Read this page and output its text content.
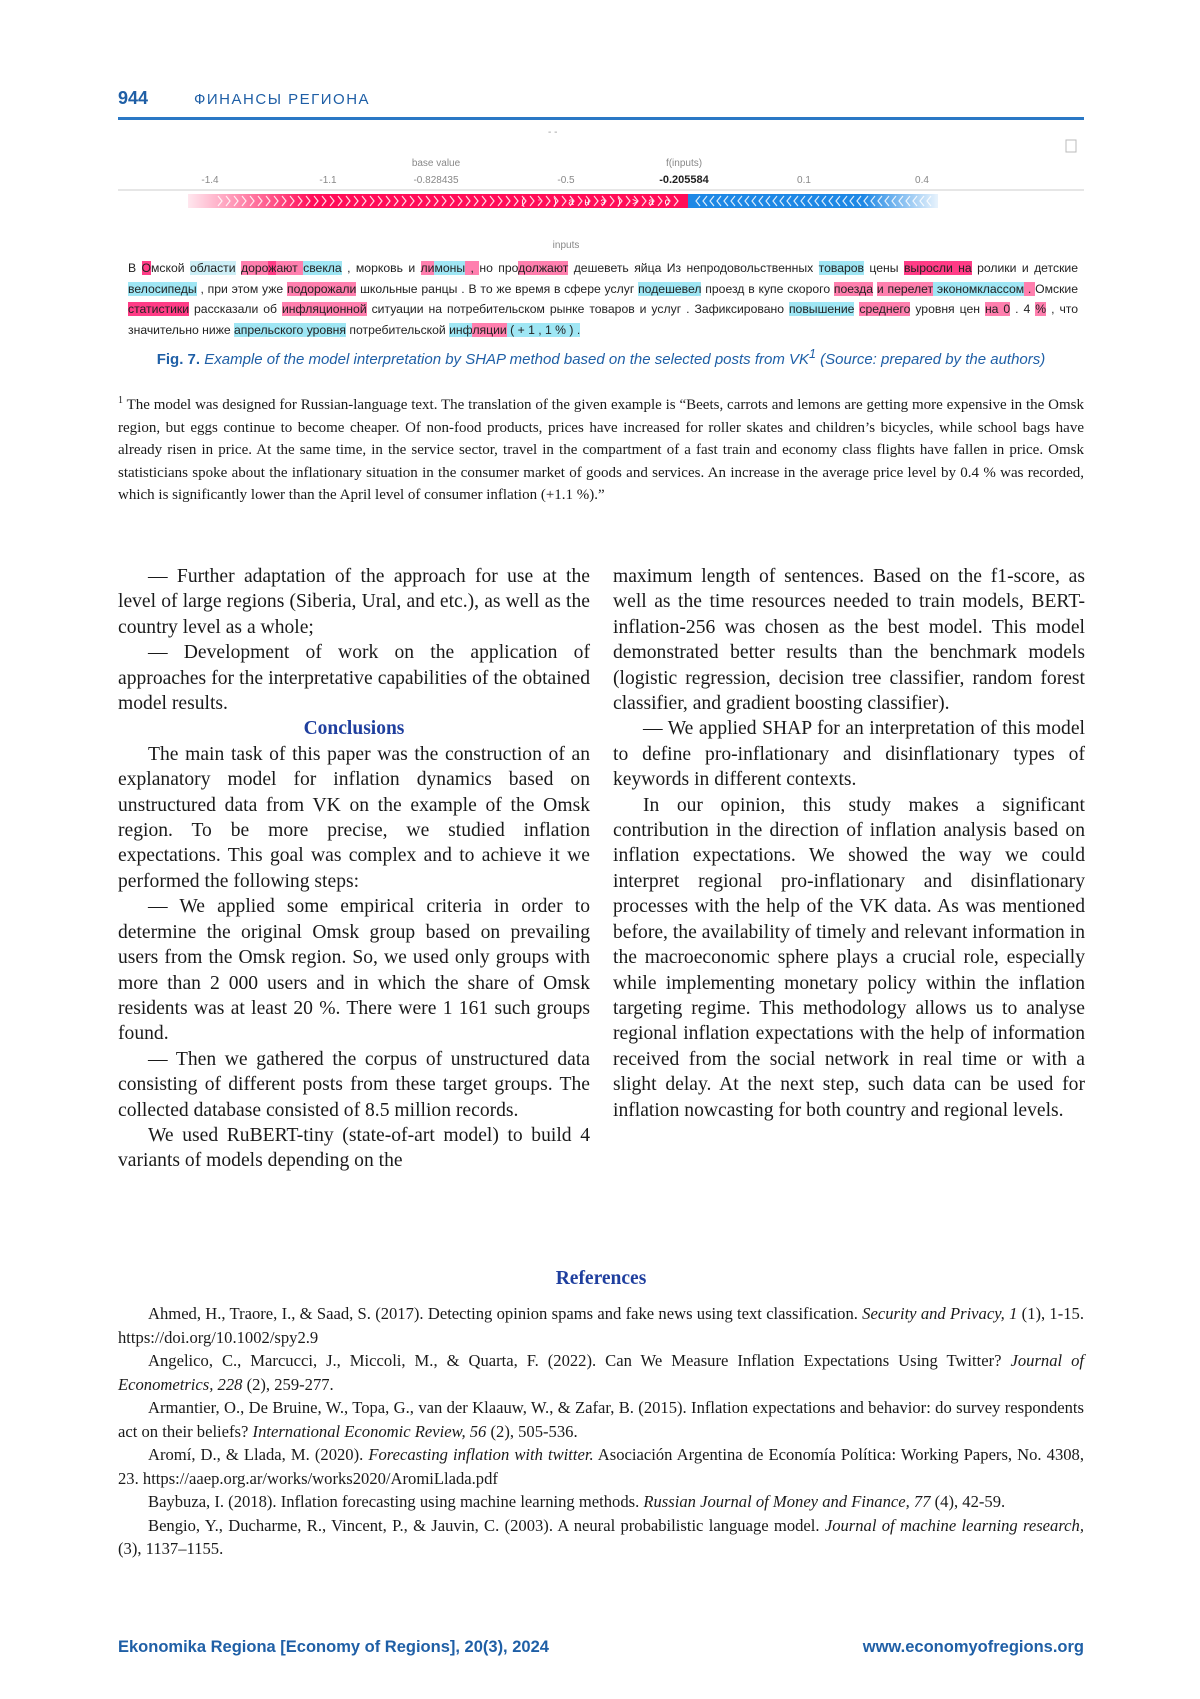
944	ФИНАНСЫ РЕГИОНА
- -
base value	f(inputs)
-1.4	-1.1	-0.5	0.1	0.4
-0.828435	-0.205584
( : ) а н э ) > а с
inputs
В Омской области дорожают свекла , морковь и лимоны , но продолжают дешеветь яйца Из непродовольственных товаров цены выросли на ролики и детские велосипеды , при этом уже подорожали школьные ранцы . В то же время в сфере услуг подешевел проезд в купе скорого поезда и перелет экономклассом . Омские статистики рассказали об инфляционной ситуации на потребительском рынке товаров и услуг . Зафиксировано повышение среднего уровня цен на 0 . 4 % , что значительно ниже апрельского уровня потребительской инфляции ( + 1 , 1 % ) .
Fig. 7. Example of the model interpretation by SHAP method based on the selected posts from $VK^1$ (Source: prepared by the authors)
$^1$ The model was designed for Russian-language text. The translation of the given example is “Beets, carrots and lemons are getting more expensive in the Omsk region, but eggs continue to become cheaper. Of non-food products, prices have increased for roller skates and children’s bicycles, while school bags have already risen in price. At the same time, in the service sector, travel in the compartment of a fast train and economy class flights have fallen in price. Omsk statisticians spoke about the inflationary situation in the consumer market of goods and services. An increase in the average price level by 0.4 % was recorded, which is significantly lower than the April level of consumer inflation (+1.1 %).”

— Further adaptation of the approach for use at the level of large regions (Siberia, Ural, and etc.), as well as the country level as a whole;

— Development of work on the application of approaches for the interpretative capabilities of the obtained model results.

Conclusions

The main task of this paper was the construction of an explanatory model for inflation dynamics based on unstructured data from VK on the example of the Omsk region. To be more precise, we studied inflation expectations. This goal was complex and to achieve it we performed the following steps:

— We applied some empirical criteria in order to determine the original Omsk group based on prevailing users from the Omsk region. So, we used only groups with more than 2 000 users and in which the share of Omsk residents was at least 20 %. There were 1 161 such groups found.

— Then we gathered the corpus of unstructured data consisting of different posts from these target groups. The collected database consisted of 8.5 million records.

We used RuBERT-tiny (state-of-art model) to build 4 variants of models depending on the

maximum length of sentences. Based on the f1-score, as well as the time resources needed to train models, BERT-inflation-256 was chosen as the best model. This model demonstrated better results than the benchmark models (logistic regression, decision tree classifier, random forest classifier, and gradient boosting classifier).

— We applied SHAP for an interpretation of this model to define pro-inflationary and disinflationary types of keywords in different contexts.

In our opinion, this study makes a significant contribution in the direction of inflation analysis based on inflation expectations. We showed the way we could interpret regional pro-inflationary and disinflationary processes with the help of the VK data. As was mentioned before, the availability of timely and relevant information in the macroeconomic sphere plays a crucial role, especially while implementing monetary policy within the inflation targeting regime. This methodology allows us to analyse regional inflation expectations with the help of information received from the social network in real time or with a slight delay. At the next step, such data can be used for inflation nowcasting for both country and regional levels.

References

Ahmed, H., Traore, I., & Saad, S. (2017). Detecting opinion spams and fake news using text classification. Security and Privacy, 1 (1), 1-15. https://doi.org/10.1002/spy2.9

Angelico, C., Marcucci, J., Miccoli, M., & Quarta, F. (2022). Can We Measure Inflation Expectations Using Twitter? Journal of Econometrics, 228 (2), 259-277.

Armantier, O., De Bruine, W., Topa, G., van der Klaauw, W., & Zafar, B. (2015). Inflation expectations and behavior: do survey respondents act on their beliefs? International Economic Review, 56 (2), 505-536.

Aromí, D., & Llada, M. (2020). Forecasting inflation with twitter. Asociación Argentina de Economía Política: Working Papers, No. 4308, 23. https://aaep.org.ar/works/works2020/AromiLlada.pdf

Baybuza, I. (2018). Inflation forecasting using machine learning methods. Russian Journal of Money and Finance, 77 (4), 42-59.

Bengio, Y., Ducharme, R., Vincent, P., & Jauvin, C. (2003). A neural probabilistic language model. Journal of machine learning research, (3), 1137–1155.

Ekonomika Regiona [Economy of Regions], 20(3), 2024	www.economyofregions.org
